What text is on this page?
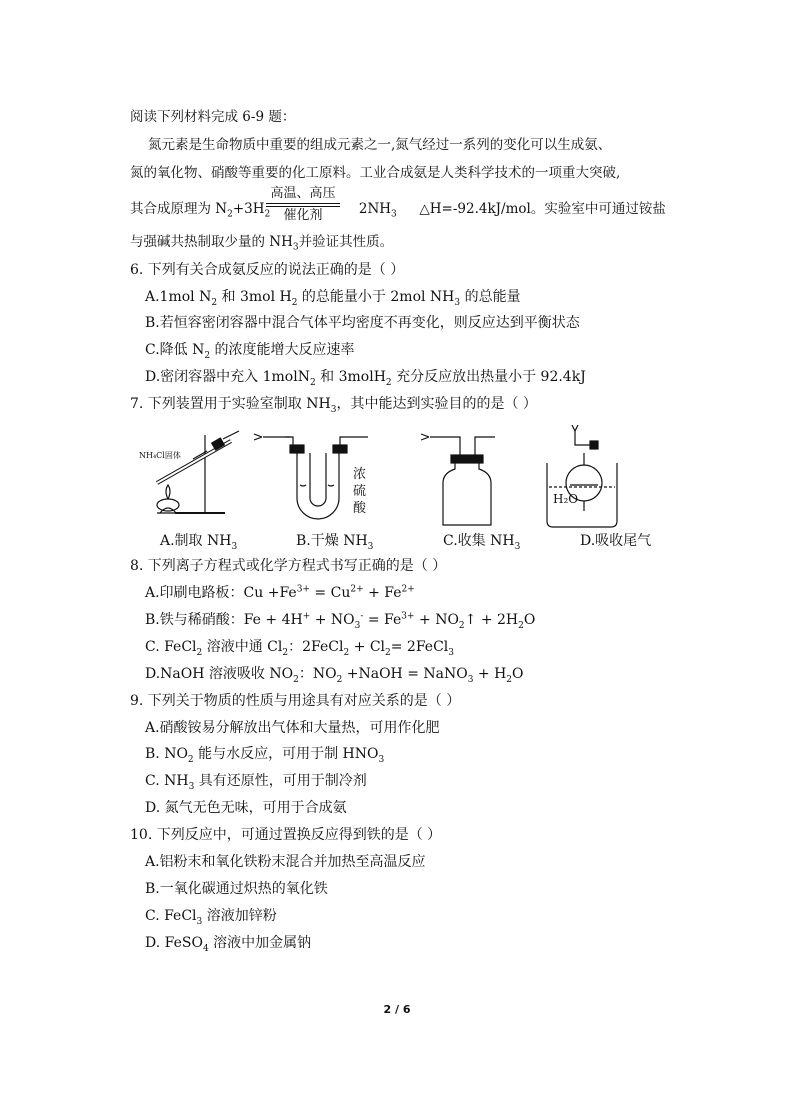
阅读下列材料完成 6-9 题：
氮元素是生命物质中重要的组成元素之一,氮气经过一系列的变化可以生成氨、
氮的氧化物、硝酸等重要的化工原料。工业合成氨是人类科学技术的一项重大突破,
其合成原理为 $N_2+3H_2$	$2NH_3$ △H=-92.4kJ/mol。实验室中可通过铵盐
高温、高压
催化剂
与强碱共热制取少量的 $NH_3$并验证其性质。
6. 下列有关合成氨反应的说法正确的是（ ）
A.1mol $N_2$ 和 3mol $H_2$ 的总能量小于 2mol $NH_3$ 的总能量
B.若恒容密闭容器中混合气体平均密度不再变化，则反应达到平衡状态
C.降低 $N_2$ 的浓度能增大反应速率
D.密闭容器中充入 1molN$_2$ 和 3molH$_2$ 充分反应放出热量小于 92.4kJ
7. 下列装置用于实验室制取 $NH_3$，其中能达到实验目的的是（ ）
NH₄Cl固体
浓
硫
酸
H₂O
A.制取 $NH_3$	B.干燥 $NH_3$	C.收集 $NH_3$	D.吸收尾气
8. 下列离子方程式或化学方程式书写正确的是（ ）
A.印刷电路板：$Cu +Fe^{3+} = Cu^{2+} + Fe^{2+}$
B.铁与稀硝酸：$Fe + 4H^+ + NO_3^- = Fe^{3+}$ + $NO_2↑ + 2H_2O$
C. FeCl$_2$ 溶液中通 $Cl_2$：2FeCl$_2$ + $Cl_2=$ 2FeCl$_3$
D.NaOH 溶液吸收 $NO_2$：$NO_2$ +NaOH = NaNO$_3$ + $H_2O$
9. 下列关于物质的性质与用途具有对应关系的是（ ）
A.硝酸铵易分解放出气体和大量热，可用作化肥
B. $NO_2$ 能与水反应，可用于制 $HNO_3$
C. $NH_3$ 具有还原性，可用于制冷剂
D. 氮气无色无味，可用于合成氨
10. 下列反应中，可通过置换反应得到铁的是（ ）
A.铝粉末和氧化铁粉末混合并加热至高温反应
B.一氧化碳通过炽热的氧化铁
C. FeCl$_3$ 溶液加锌粉
D. FeSO$_4$ 溶液中加金属钠
2 / 6
